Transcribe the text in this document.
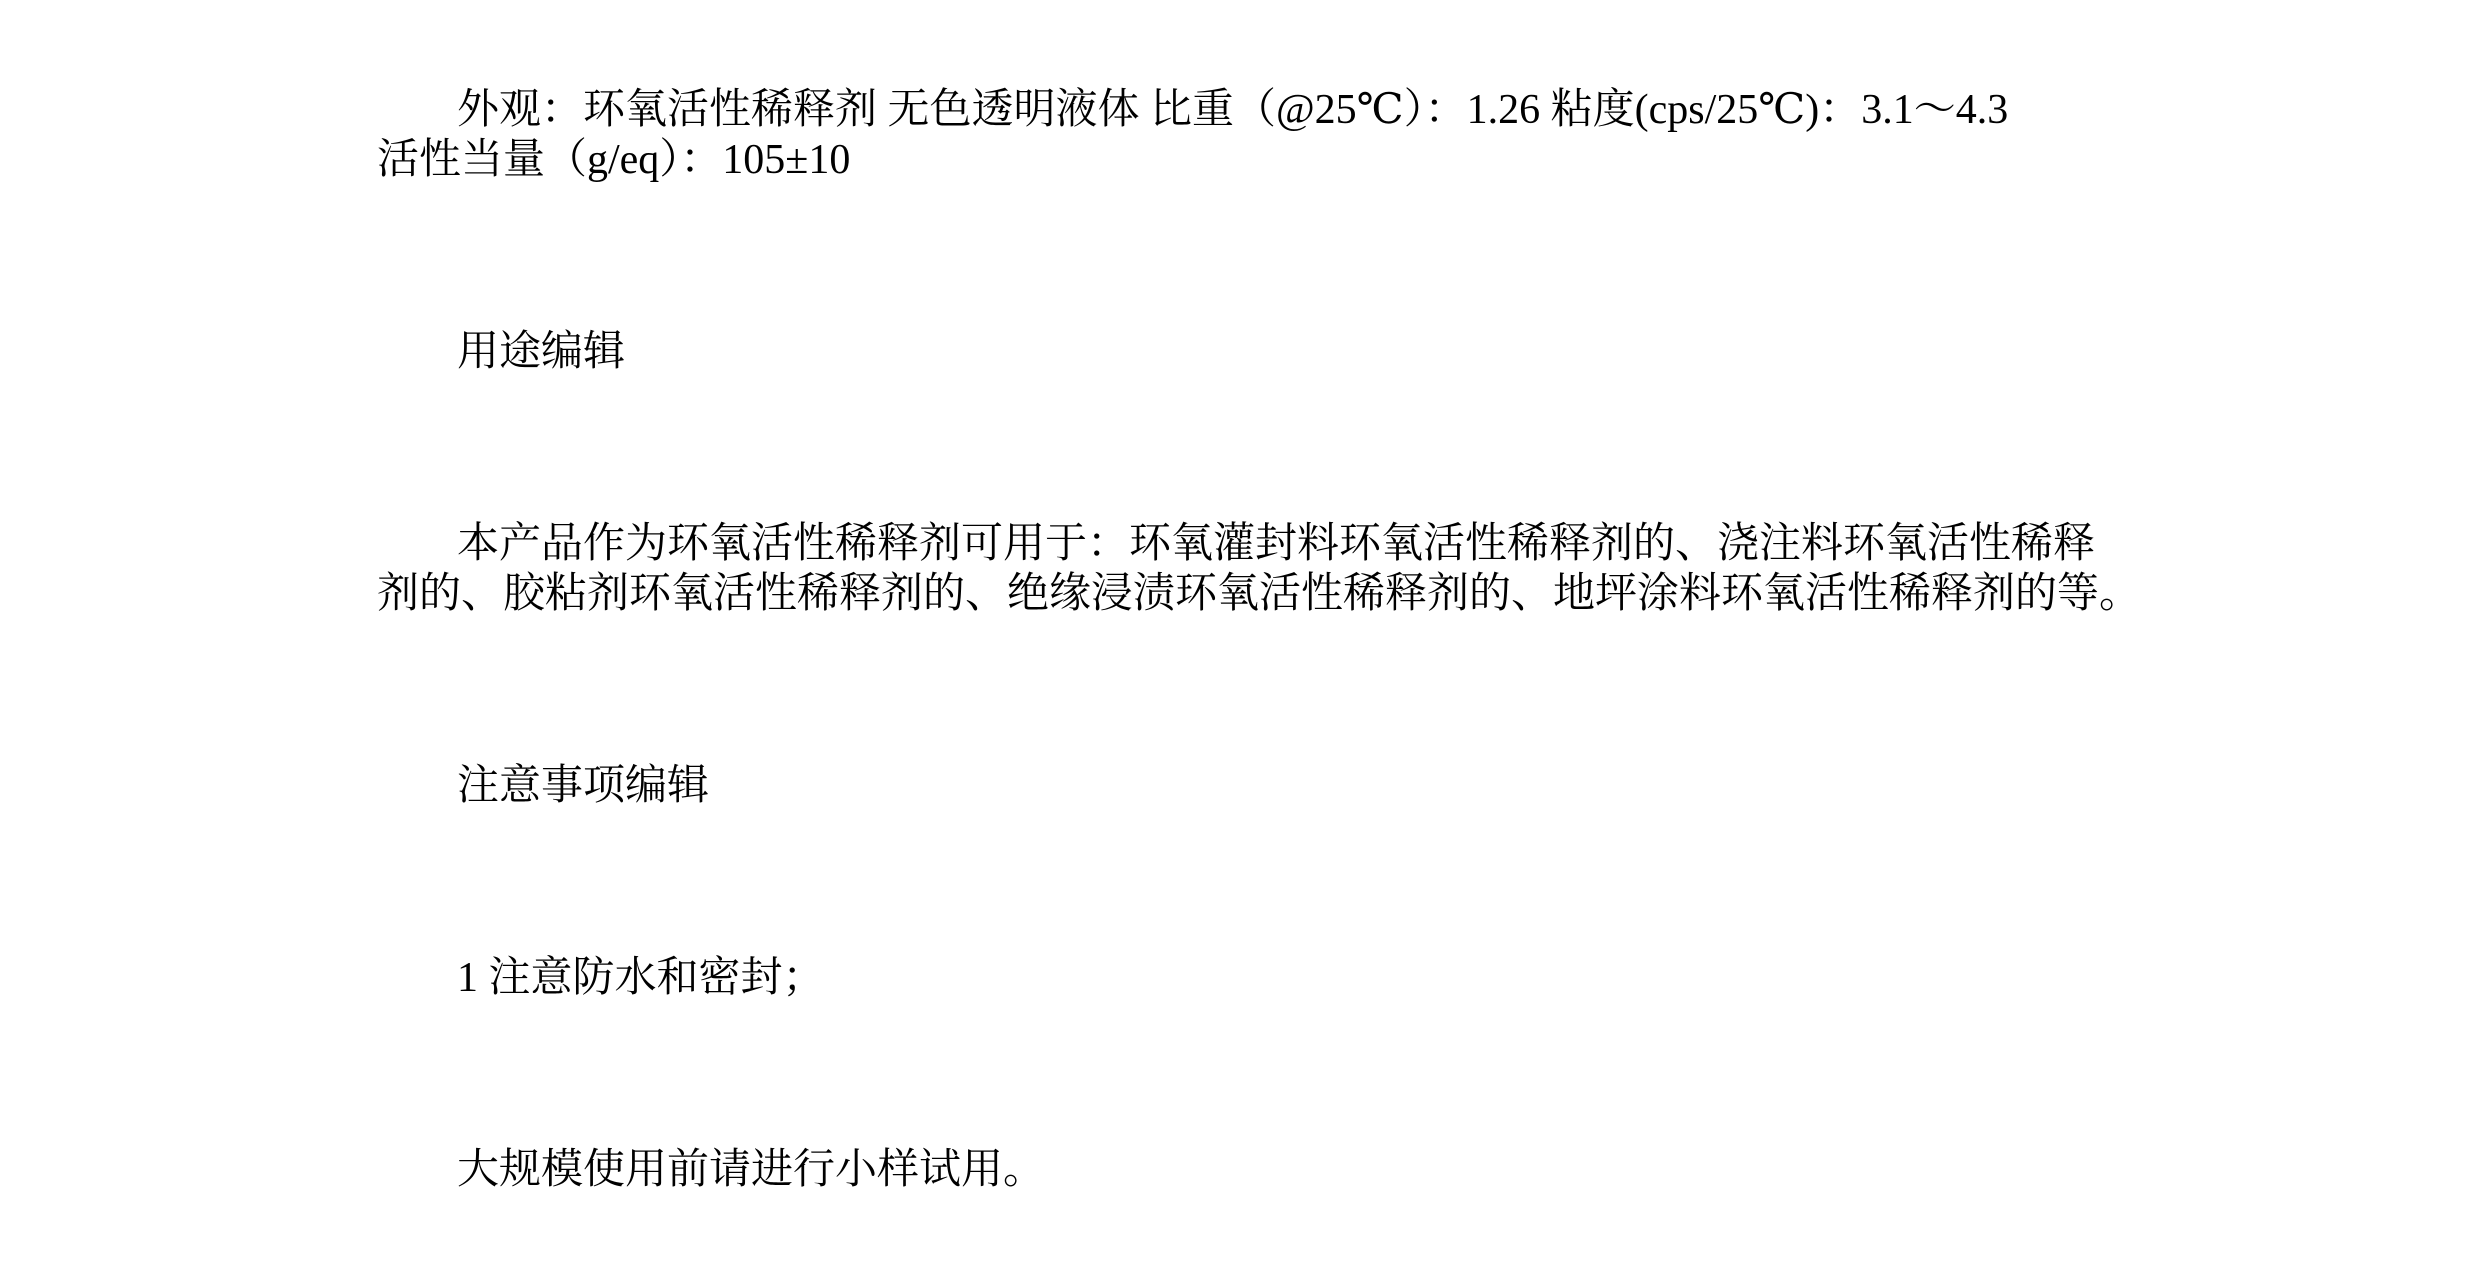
外观：环氧活性稀释剂 无色透明液体 比重（@25℃）：1.26 粘度(cps/25℃)：3.1～4.3

活性当量（g/eq）：105±10

用途编辑

本产品作为环氧活性稀释剂可用于：环氧灌封料环氧活性稀释剂的、浇注料环氧活性稀释

剂的、胶粘剂环氧活性稀释剂的、绝缘浸渍环氧活性稀释剂的、地坪涂料环氧活性稀释剂的等。

注意事项编辑

1 注意防水和密封；

大规模使用前请进行小样试用。
